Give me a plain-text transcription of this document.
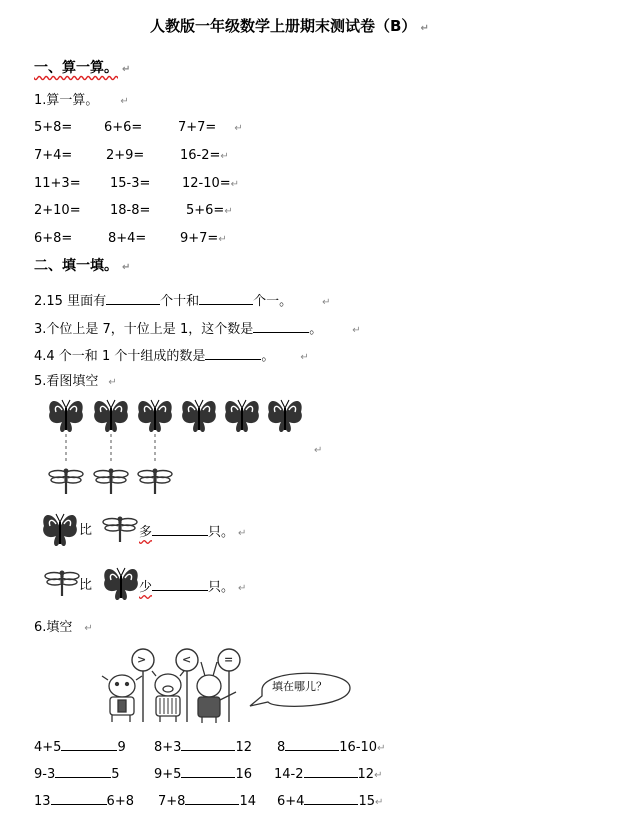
人教版一年级数学上册期末测试卷（B） ↵
一、算一算。 ↵
1.算一算。 ↵
5+8= 6+6=	7+7= ↵
7+4=	2+9=	16-2=↵
11+3= 15-3= 12-10=↵
2+10= 18-8=	5+6=↵
6+8=	8+4=	9+7=↵
二、填一填。 ↵
2.15 里面有	个十和	个一。	↵
3.个位上是 7，十位上是 1，这个数是	。	↵
4.4 个一和 1 个十组成的数是	。	↵
5.看图填空 ↵
↵
比	多	只。 ↵
比	少	只。 ↵
6.填空 ↵
填在哪儿？
>	<	=
4+5	9 8+3	12 8	16-10↵
9-3	5	9+5	16 14-2	12↵
13	6+8 7+8	14 6+4	15↵
